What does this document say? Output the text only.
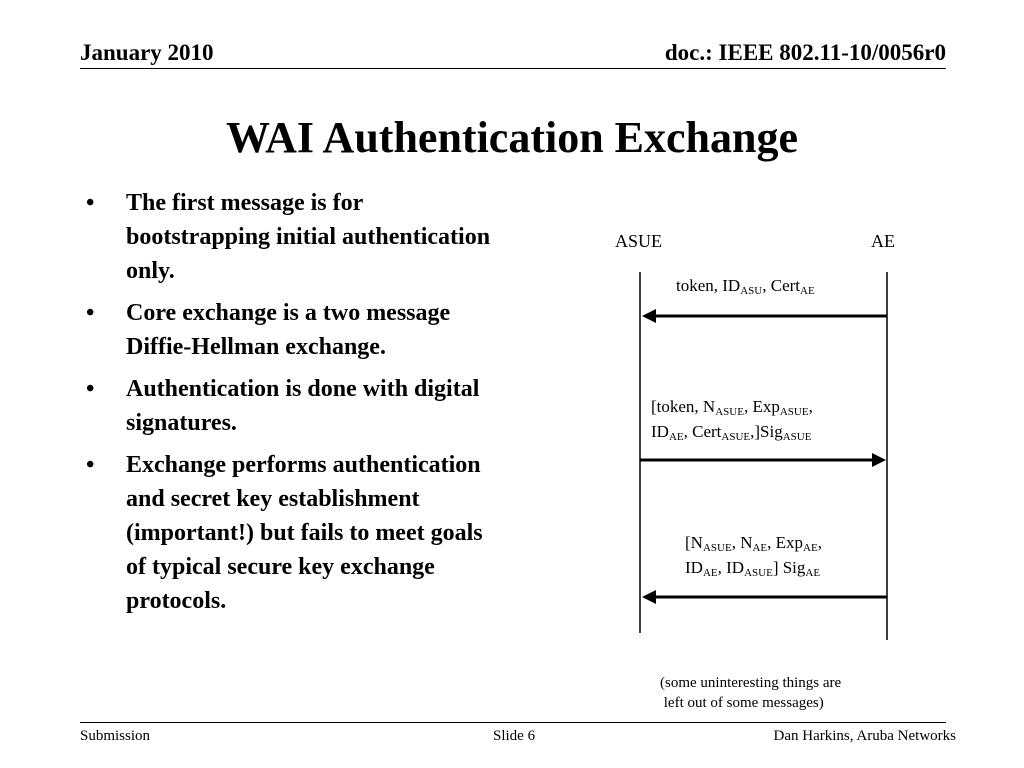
January 2010	doc.: IEEE 802.11-10/0056r0
WAI Authentication Exchange
• The first message is for bootstrapping initial authentication only.
• Core exchange is a two message Diffie-Hellman exchange.
• Authentication is done with digital signatures.
• Exchange performs authentication and secret key establishment (important!) but fails to meet goals of typical secure key exchange protocols.
ASUE	AE
token, $ID_{ASU}$, Cert$_{AE}$
[token, $N_{ASUE}$, Exp$_{ASUE}$,
$ID_{AE}$, Cert$_{ASUE}$,]Sig$_{ASUE}$
[$N_{ASUE}$, $N_{AE}$, Exp$_{AE}$,
$ID_{AE}$, $ID_{ASUE}$] Sig$_{AE}$
(some uninteresting things are
left out of some messages)
Submission	Slide 6	Dan Harkins, Aruba Networks
